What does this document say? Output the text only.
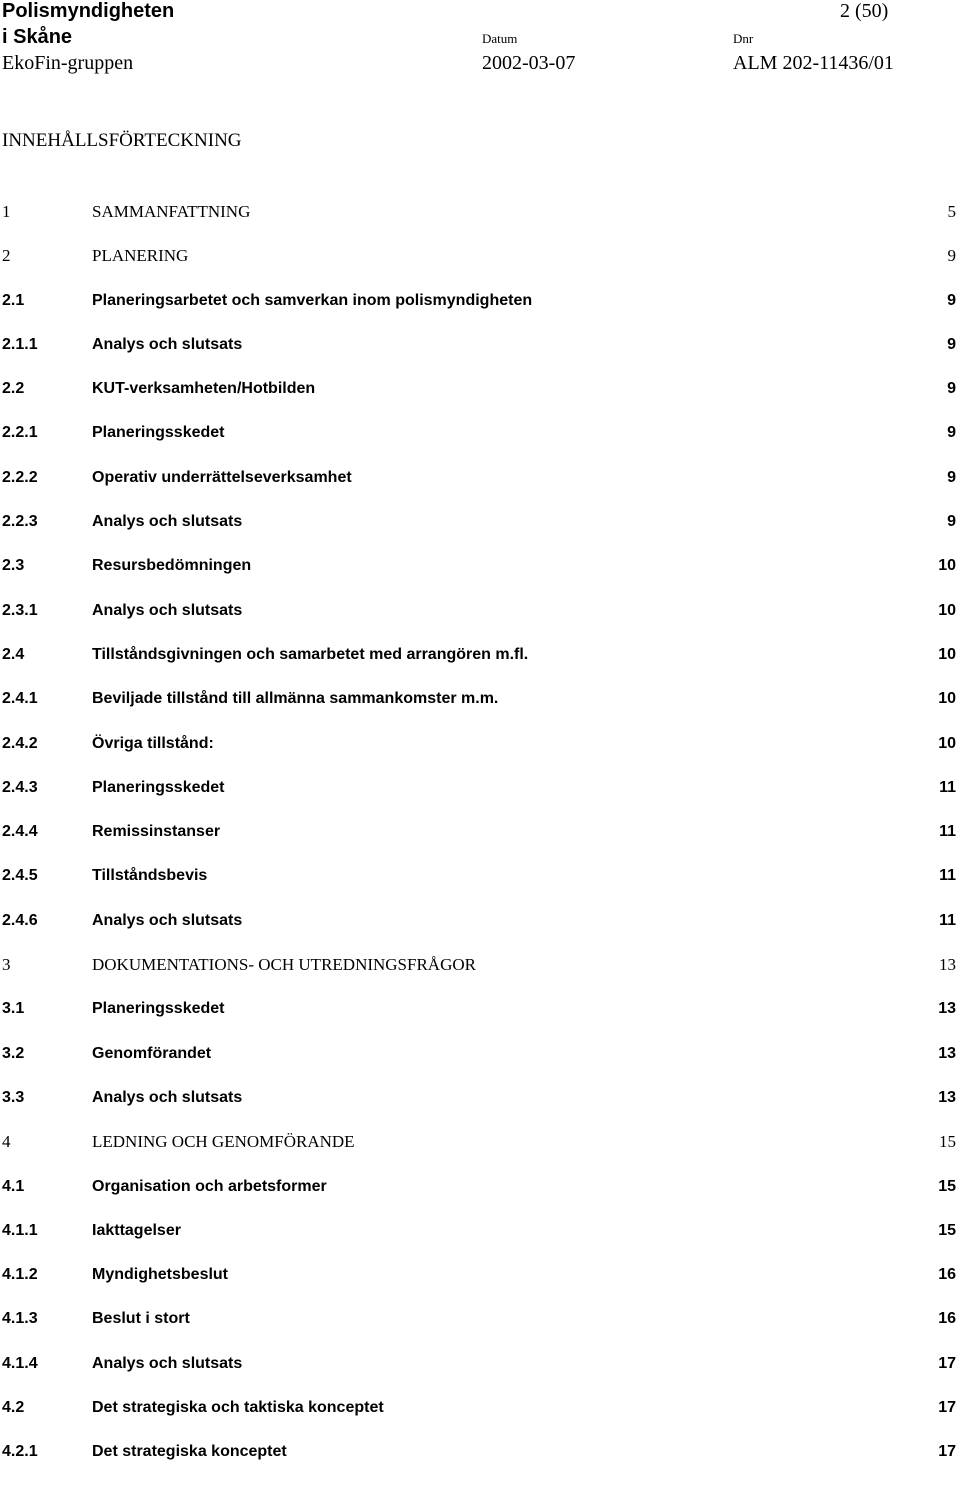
Polismyndigheten
i Skåne
EkoFin-gruppen
2 (50)
Datum
2002-03-07
Dnr
ALM 202-11436/01
INNEHÅLLSFÖRTECKNING
1	SAMMANFATTNING	5
2	PLANERING	9
2.1	Planeringsarbetet och samverkan inom polismyndigheten	9
2.1.1	Analys och slutsats	9
2.2	KUT-verksamheten/Hotbilden	9
2.2.1	Planeringsskedet	9
2.2.2	Operativ underrättelseverksamhet	9
2.2.3	Analys och slutsats	9
2.3	Resursbedömningen	10
2.3.1	Analys och slutsats	10
2.4	Tillståndsgivningen och samarbetet med arrangören m.fl.	10
2.4.1	Beviljade tillstånd till allmänna sammankomster m.m.	10
2.4.2	Övriga tillstånd:	10
2.4.3	Planeringsskedet	11
2.4.4	Remissinstanser	11
2.4.5	Tillståndsbevis	11
2.4.6	Analys och slutsats	11
3	DOKUMENTATIONS- OCH UTREDNINGSFRÅGOR	13
3.1	Planeringsskedet	13
3.2	Genomförandet	13
3.3	Analys och slutsats	13
4	LEDNING OCH GENOMFÖRANDE	15
4.1	Organisation och arbetsformer	15
4.1.1	Iakttagelser	15
4.1.2	Myndighetsbeslut	16
4.1.3	Beslut i stort	16
4.1.4	Analys och slutsats	17
4.2	Det strategiska och taktiska konceptet	17
4.2.1	Det strategiska konceptet	17
